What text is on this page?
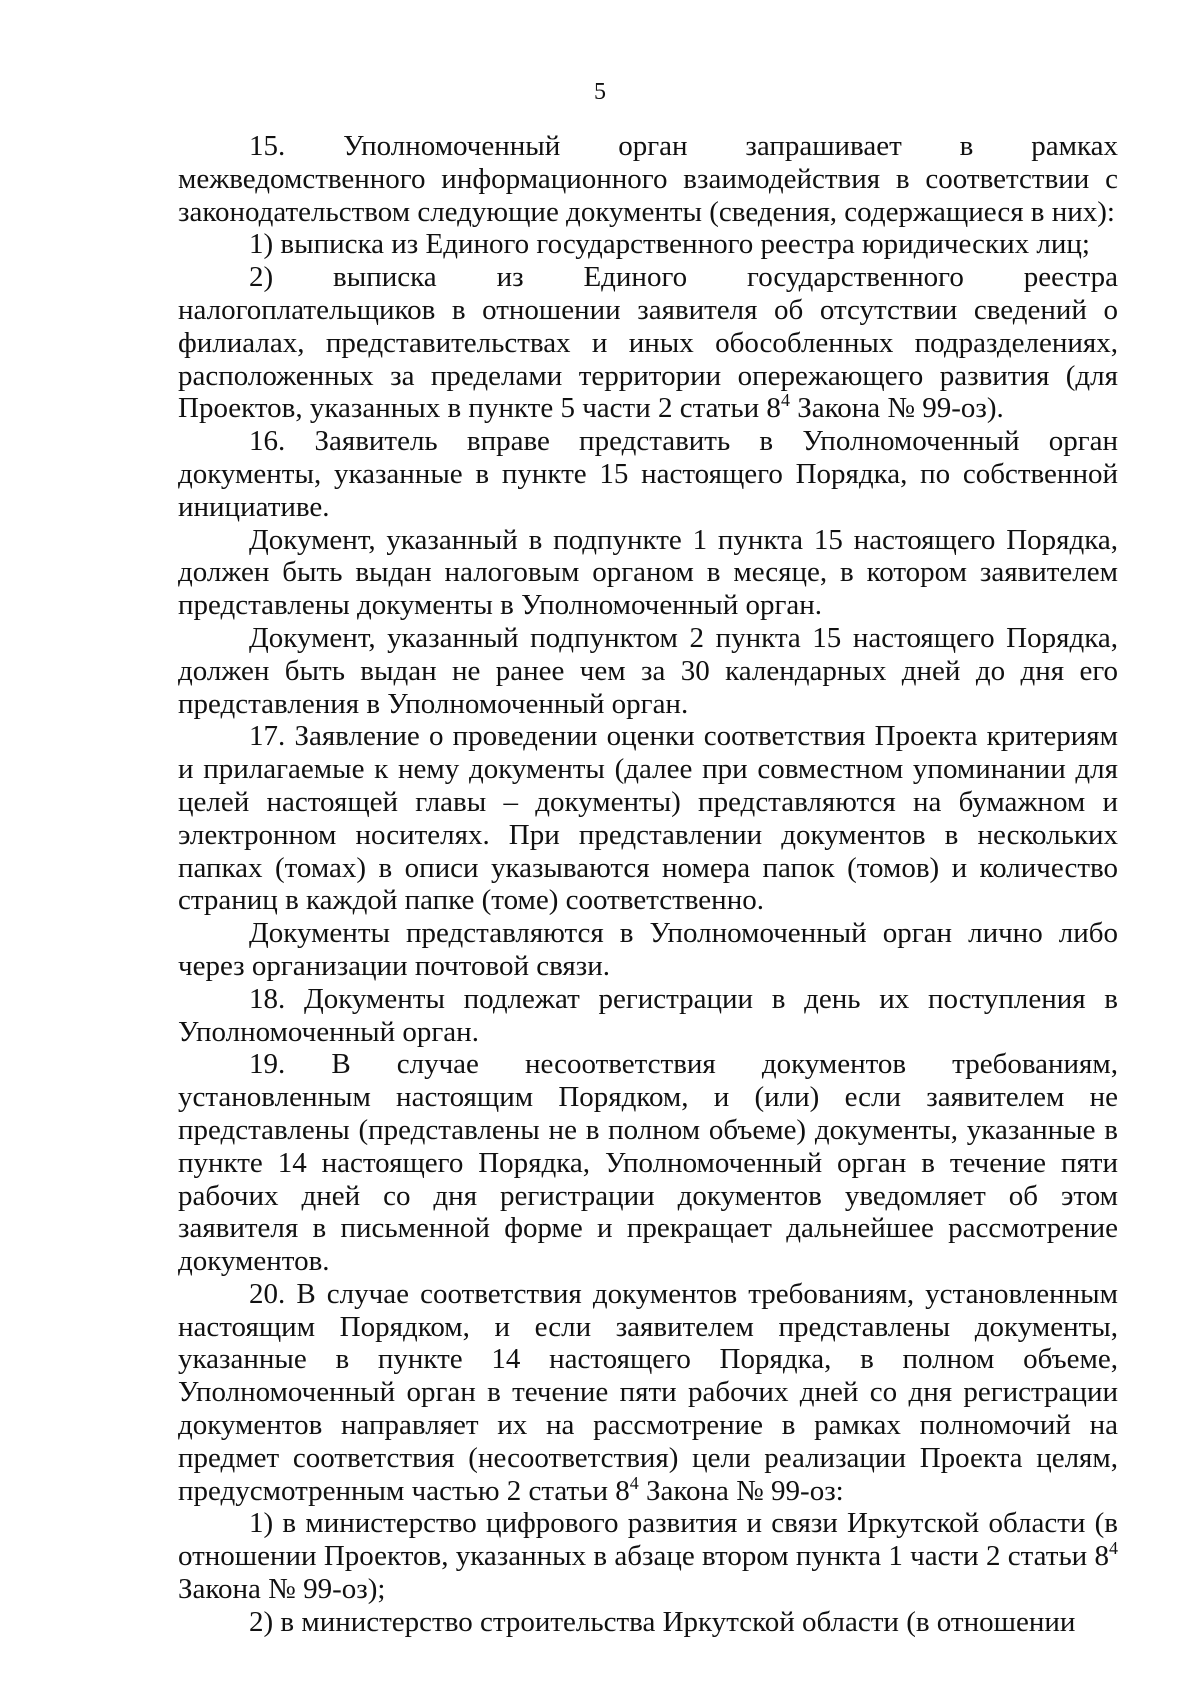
5

15. Уполномоченный орган запрашивает в рамках межведомственного информационного взаимодействия в соответствии с законодательством следующие документы (сведения, содержащиеся в них):

1) выписка из Единого государственного реестра юридических лиц;

2) выписка из Единого государственного реестра налогоплательщиков в отношении заявителя об отсутствии сведений о филиалах, представительствах и иных обособленных подразделениях, расположенных за пределами территории опережающего развития (для Проектов, указанных в пункте 5 части 2 статьи $8^4$ Закона № 99-оз).

16. Заявитель вправе представить в Уполномоченный орган документы, указанные в пункте 15 настоящего Порядка, по собственной инициативе.

Документ, указанный в подпункте 1 пункта 15 настоящего Порядка, должен быть выдан налоговым органом в месяце, в котором заявителем представлены документы в Уполномоченный орган.

Документ, указанный подпунктом 2 пункта 15 настоящего Порядка, должен быть выдан не ранее чем за 30 календарных дней до дня его представления в Уполномоченный орган.

17. Заявление о проведении оценки соответствия Проекта критериям и прилагаемые к нему документы (далее при совместном упоминании для целей настоящей главы – документы) представляются на бумажном и электронном носителях. При представлении документов в нескольких папках (томах) в описи указываются номера папок (томов) и количество страниц в каждой папке (томе) соответственно.

Документы представляются в Уполномоченный орган лично либо через организации почтовой связи.

18. Документы подлежат регистрации в день их поступления в Уполномоченный орган.

19. В случае несоответствия документов требованиям, установленным настоящим Порядком, и (или) если заявителем не представлены (представлены не в полном объеме) документы, указанные в пункте 14 настоящего Порядка, Уполномоченный орган в течение пяти рабочих дней со дня регистрации документов уведомляет об этом заявителя в письменной форме и прекращает дальнейшее рассмотрение документов.

20. В случае соответствия документов требованиям, установленным настоящим Порядком, и если заявителем представлены документы, указанные в пункте 14 настоящего Порядка, в полном объеме, Уполномоченный орган в течение пяти рабочих дней со дня регистрации документов направляет их на рассмотрение в рамках полномочий на предмет соответствия (несоответствия) цели реализации Проекта целям, предусмотренным частью 2 статьи $8^4$ Закона № 99-оз:

1) в министерство цифрового развития и связи Иркутской области (в отношении Проектов, указанных в абзаце втором пункта 1 части 2 статьи $8^4$ Закона № 99-оз);

2) в министерство строительства Иркутской области (в отношении
